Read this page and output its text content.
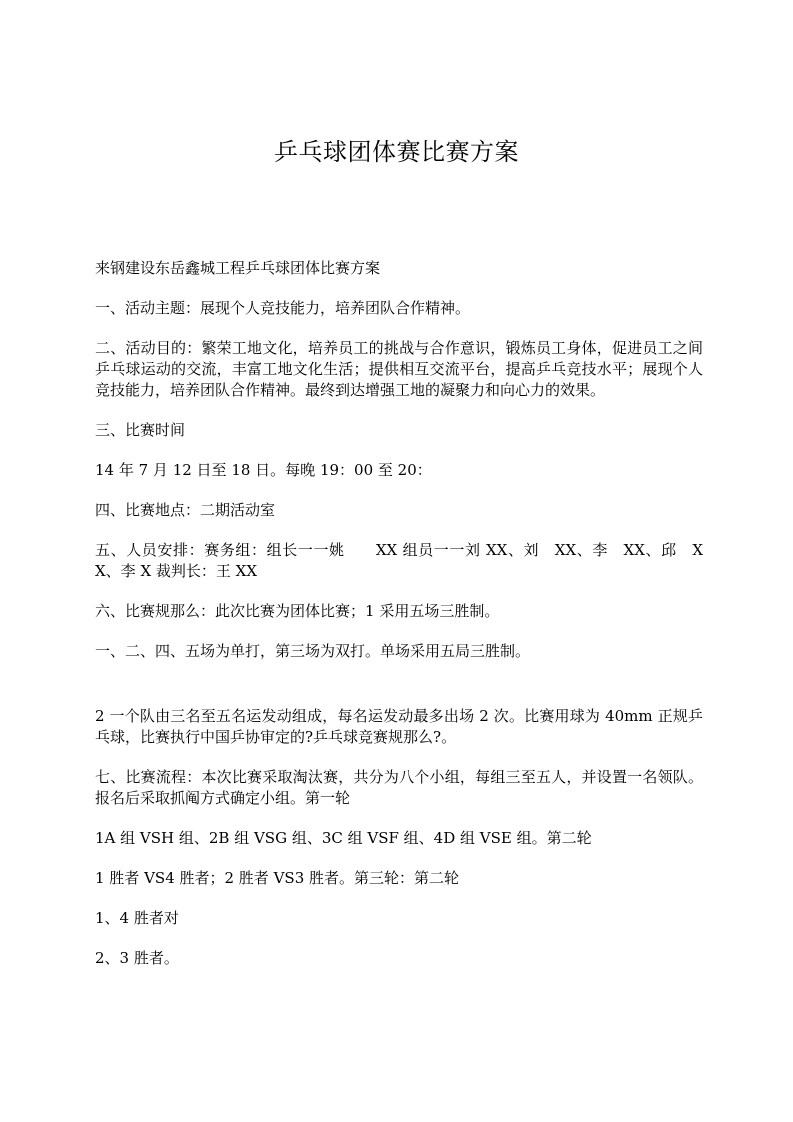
乒乓球团体赛比赛方案

来钢建设东岳鑫城工程乒乓球团体比赛方案

一、活动主题：展现个人竞技能力，培养团队合作精神。

二、活动目的：繁荣工地文化，培养员工的挑战与合作意识，锻炼员工身体，促进员工之间乒乓球运动的交流，丰富工地文化生活；提供相互交流平台，提高乒乓竞技水平；展现个人竞技能力，培养团队合作精神。最终到达增强工地的凝聚力和向心力的效果。

三、比赛时间

14 年 7 月 12 日至 18 日。每晚 19：00 至 20：

四、比赛地点：二期活动室

五、人员安排：赛务组：组长一一姚　　XX 组员一一刘 XX、刘　XX、李　XX、邱　XX、李 X 裁判长：王 XX

六、比赛规那么：此次比赛为团体比赛；1 采用五场三胜制。

一、二、四、五场为单打，第三场为双打。单场采用五局三胜制。

2 一个队由三名至五名运发动组成，每名运发动最多出场 2 次。比赛用球为 40mm 正规乒乓球，比赛执行中国乒协审定的?乒乓球竞赛规那么?。

七、比赛流程：本次比赛采取淘汰赛，共分为八个小组，每组三至五人，并设置一名领队。报名后采取抓阄方式确定小组。第一轮

1A 组 VSH 组、2B 组 VSG 组、3C 组 VSF 组、4D 组 VSE 组。第二轮

1 胜者 VS4 胜者；2 胜者 VS3 胜者。第三轮：第二轮

1、4 胜者对

2、3 胜者。
